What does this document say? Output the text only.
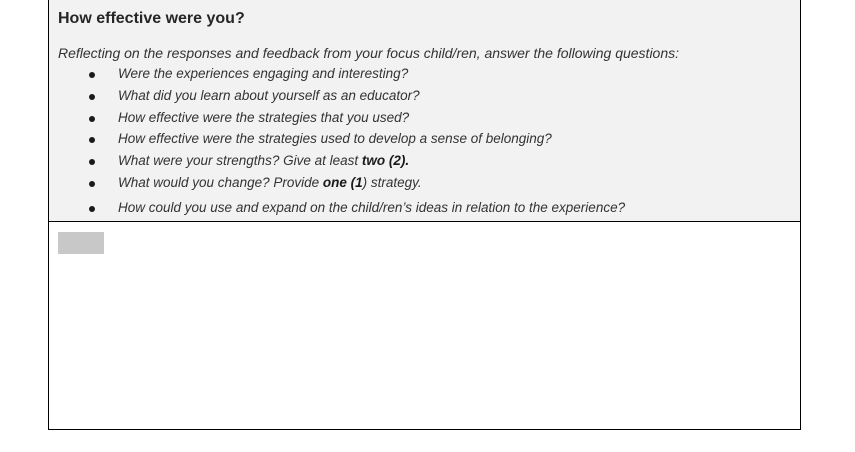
How effective were you?
Reflecting on the responses and feedback from your focus child/ren, answer the following questions:
Were the experiences engaging and interesting?
What did you learn about yourself as an educator?
How effective were the strategies that you used?
How effective were the strategies used to develop a sense of belonging?
What were your strengths? Give at least two (2).
What would you change? Provide one (1) strategy.
How could you use and expand on the child/ren’s ideas in relation to the experience?
